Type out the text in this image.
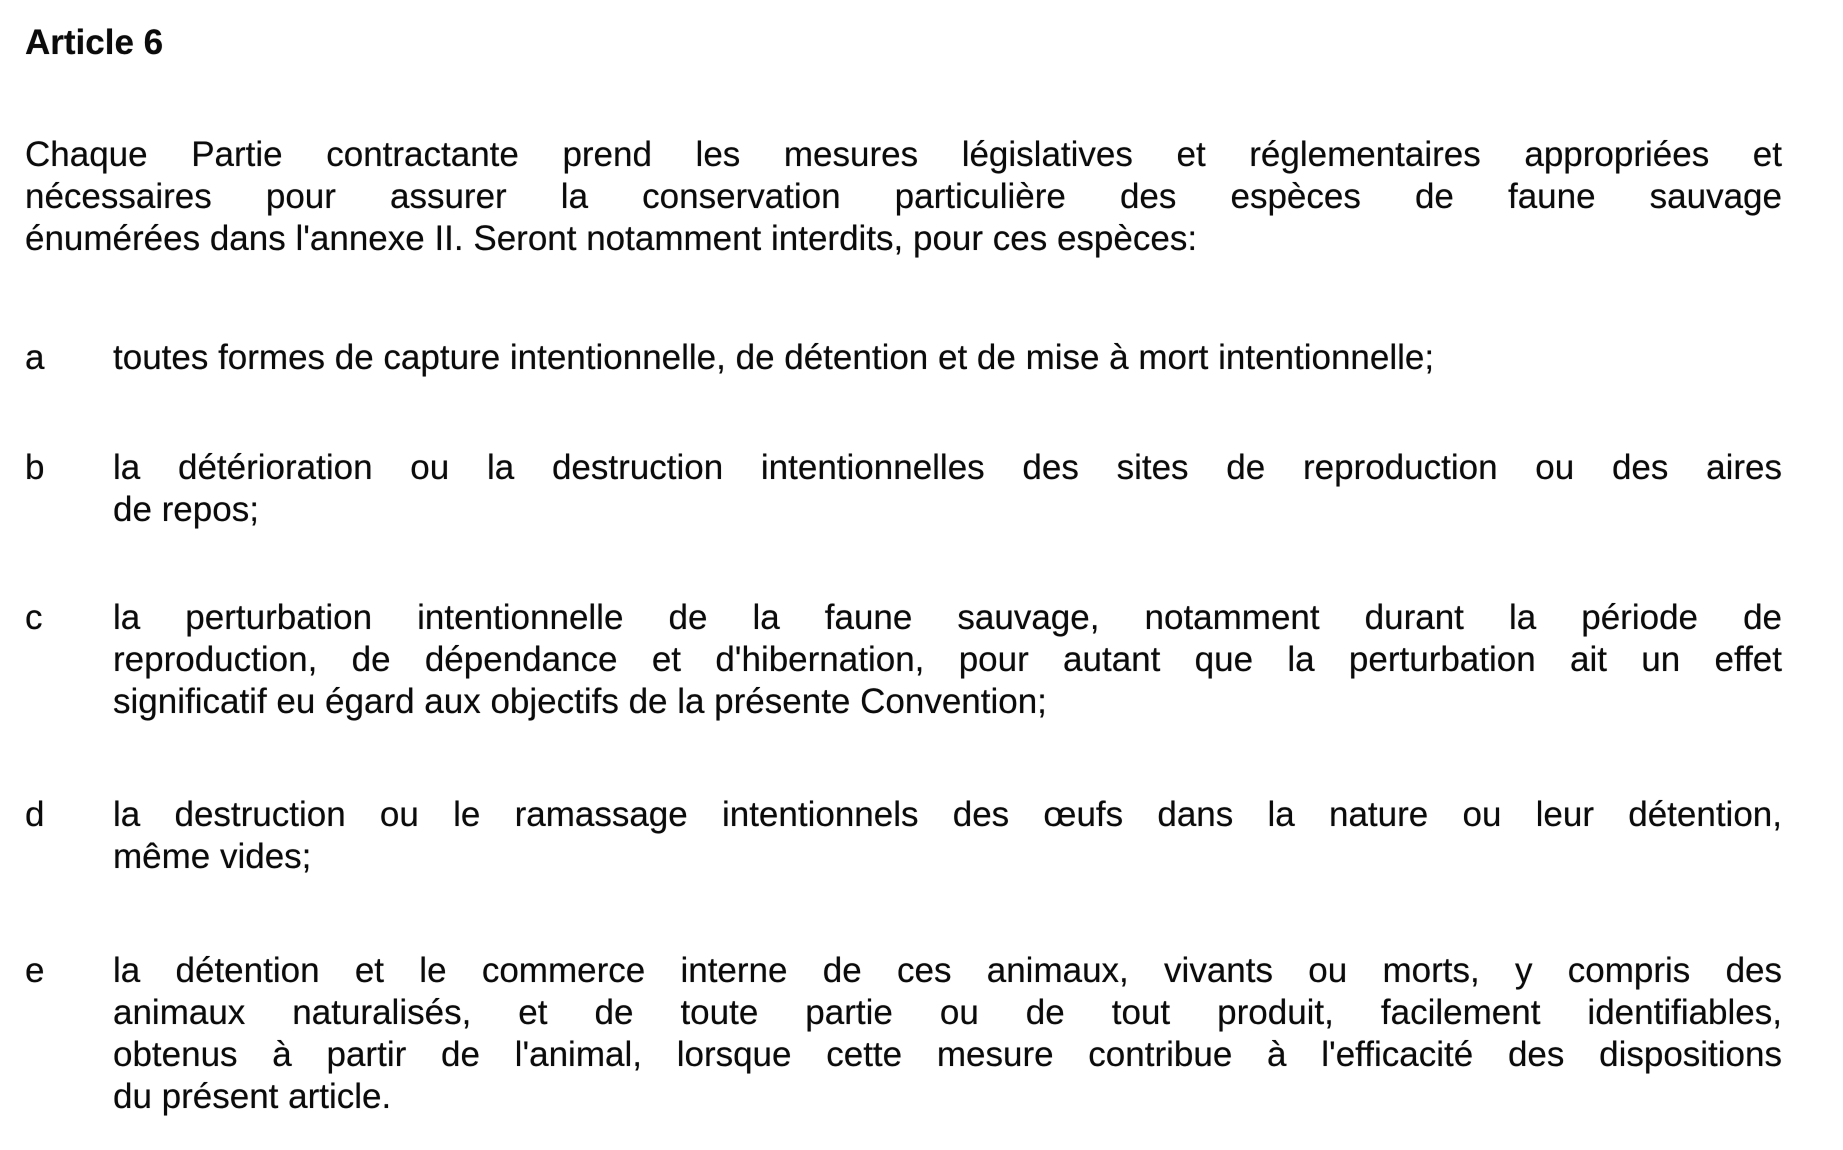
Article 6
Chaque Partie contractante prend les mesures législatives et réglementaires appropriées et
nécessaires pour assurer la conservation particulière des espèces de faune sauvage
énumérées dans l'annexe II. Seront notamment interdits, pour ces espèces:
a	toutes formes de capture intentionnelle, de détention et de mise à mort intentionnelle;
b	la détérioration ou la destruction intentionnelles des sites de reproduction ou des aires
de repos;
c	la perturbation intentionnelle de la faune sauvage, notamment durant la période de
reproduction, de dépendance et d'hibernation, pour autant que la perturbation ait un effet
significatif eu égard aux objectifs de la présente Convention;
d	la destruction ou le ramassage intentionnels des œufs dans la nature ou leur détention,
même vides;
e	la détention et le commerce interne de ces animaux, vivants ou morts, y compris des
animaux naturalisés, et de toute partie ou de tout produit, facilement identifiables,
obtenus à partir de l'animal, lorsque cette mesure contribue à l'efficacité des dispositions
du présent article.
